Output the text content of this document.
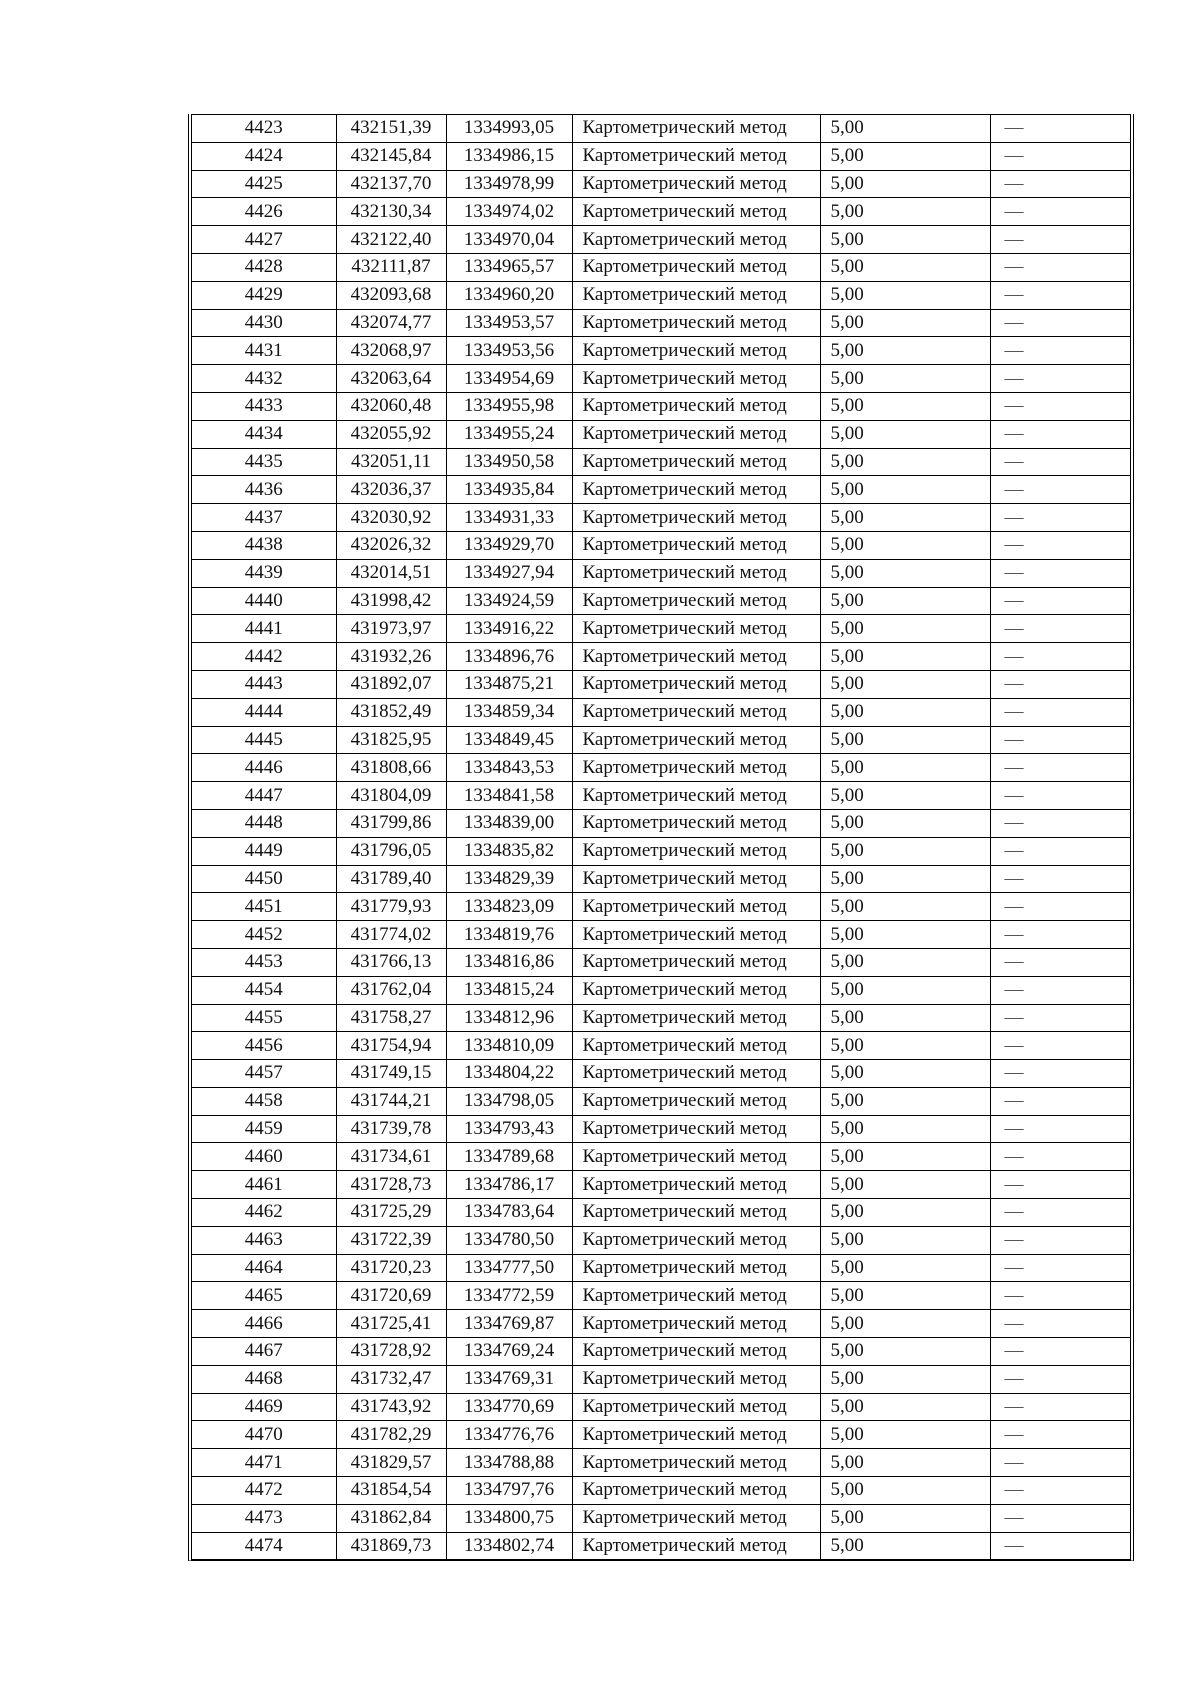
4423	432151,39	1334993,05	Картометрический метод	5,00	—
4424	432145,84	1334986,15	Картометрический метод	5,00	—
4425	432137,70	1334978,99	Картометрический метод	5,00	—
4426	432130,34	1334974,02	Картометрический метод	5,00	—
4427	432122,40	1334970,04	Картометрический метод	5,00	—
4428	432111,87	1334965,57	Картометрический метод	5,00	—
4429	432093,68	1334960,20	Картометрический метод	5,00	—
4430	432074,77	1334953,57	Картометрический метод	5,00	—
4431	432068,97	1334953,56	Картометрический метод	5,00	—
4432	432063,64	1334954,69	Картометрический метод	5,00	—
4433	432060,48	1334955,98	Картометрический метод	5,00	—
4434	432055,92	1334955,24	Картометрический метод	5,00	—
4435	432051,11	1334950,58	Картометрический метод	5,00	—
4436	432036,37	1334935,84	Картометрический метод	5,00	—
4437	432030,92	1334931,33	Картометрический метод	5,00	—
4438	432026,32	1334929,70	Картометрический метод	5,00	—
4439	432014,51	1334927,94	Картометрический метод	5,00	—
4440	431998,42	1334924,59	Картометрический метод	5,00	—
4441	431973,97	1334916,22	Картометрический метод	5,00	—
4442	431932,26	1334896,76	Картометрический метод	5,00	—
4443	431892,07	1334875,21	Картометрический метод	5,00	—
4444	431852,49	1334859,34	Картометрический метод	5,00	—
4445	431825,95	1334849,45	Картометрический метод	5,00	—
4446	431808,66	1334843,53	Картометрический метод	5,00	—
4447	431804,09	1334841,58	Картометрический метод	5,00	—
4448	431799,86	1334839,00	Картометрический метод	5,00	—
4449	431796,05	1334835,82	Картометрический метод	5,00	—
4450	431789,40	1334829,39	Картометрический метод	5,00	—
4451	431779,93	1334823,09	Картометрический метод	5,00	—
4452	431774,02	1334819,76	Картометрический метод	5,00	—
4453	431766,13	1334816,86	Картометрический метод	5,00	—
4454	431762,04	1334815,24	Картометрический метод	5,00	—
4455	431758,27	1334812,96	Картометрический метод	5,00	—
4456	431754,94	1334810,09	Картометрический метод	5,00	—
4457	431749,15	1334804,22	Картометрический метод	5,00	—
4458	431744,21	1334798,05	Картометрический метод	5,00	—
4459	431739,78	1334793,43	Картометрический метод	5,00	—
4460	431734,61	1334789,68	Картометрический метод	5,00	—
4461	431728,73	1334786,17	Картометрический метод	5,00	—
4462	431725,29	1334783,64	Картометрический метод	5,00	—
4463	431722,39	1334780,50	Картометрический метод	5,00	—
4464	431720,23	1334777,50	Картометрический метод	5,00	—
4465	431720,69	1334772,59	Картометрический метод	5,00	—
4466	431725,41	1334769,87	Картометрический метод	5,00	—
4467	431728,92	1334769,24	Картометрический метод	5,00	—
4468	431732,47	1334769,31	Картометрический метод	5,00	—
4469	431743,92	1334770,69	Картометрический метод	5,00	—
4470	431782,29	1334776,76	Картометрический метод	5,00	—
4471	431829,57	1334788,88	Картометрический метод	5,00	—
4472	431854,54	1334797,76	Картометрический метод	5,00	—
4473	431862,84	1334800,75	Картометрический метод	5,00	—
4474	431869,73	1334802,74	Картометрический метод	5,00	—
